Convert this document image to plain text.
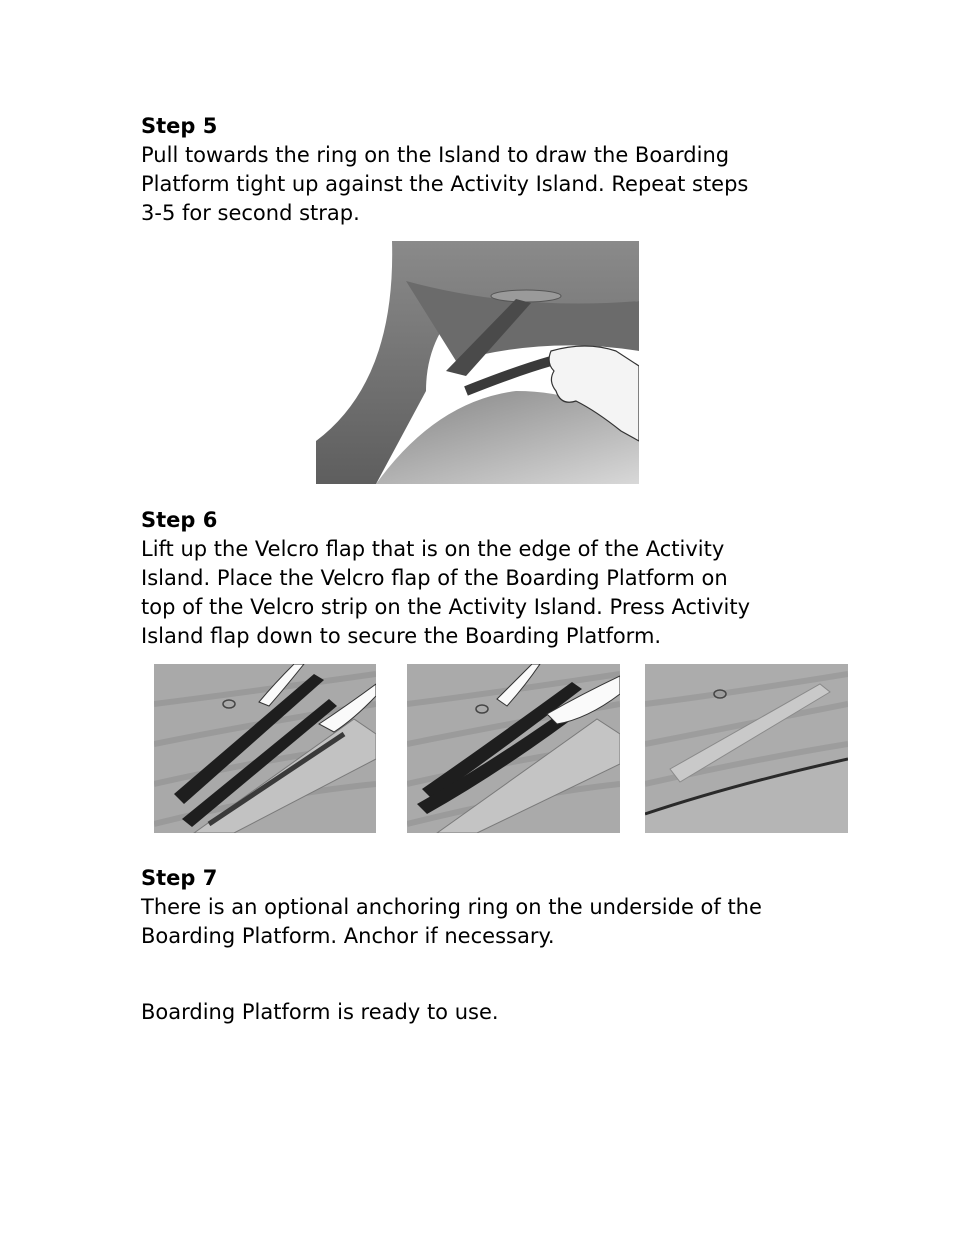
Step 5

Pull towards the ring on the Island to draw the Boarding
Platform tight up against the Activity Island. Repeat steps
3-5 for second strap.

Step 6

Lift up the Velcro flap that is on the edge of the Activity
Island. Place the Velcro flap of the Boarding Platform on
top of the Velcro strip on the Activity Island. Press Activity
Island flap down to secure the Boarding Platform.

Step 7

There is an optional anchoring ring on the underside of the
Boarding Platform. Anchor if necessary.

Boarding Platform is ready to use.
